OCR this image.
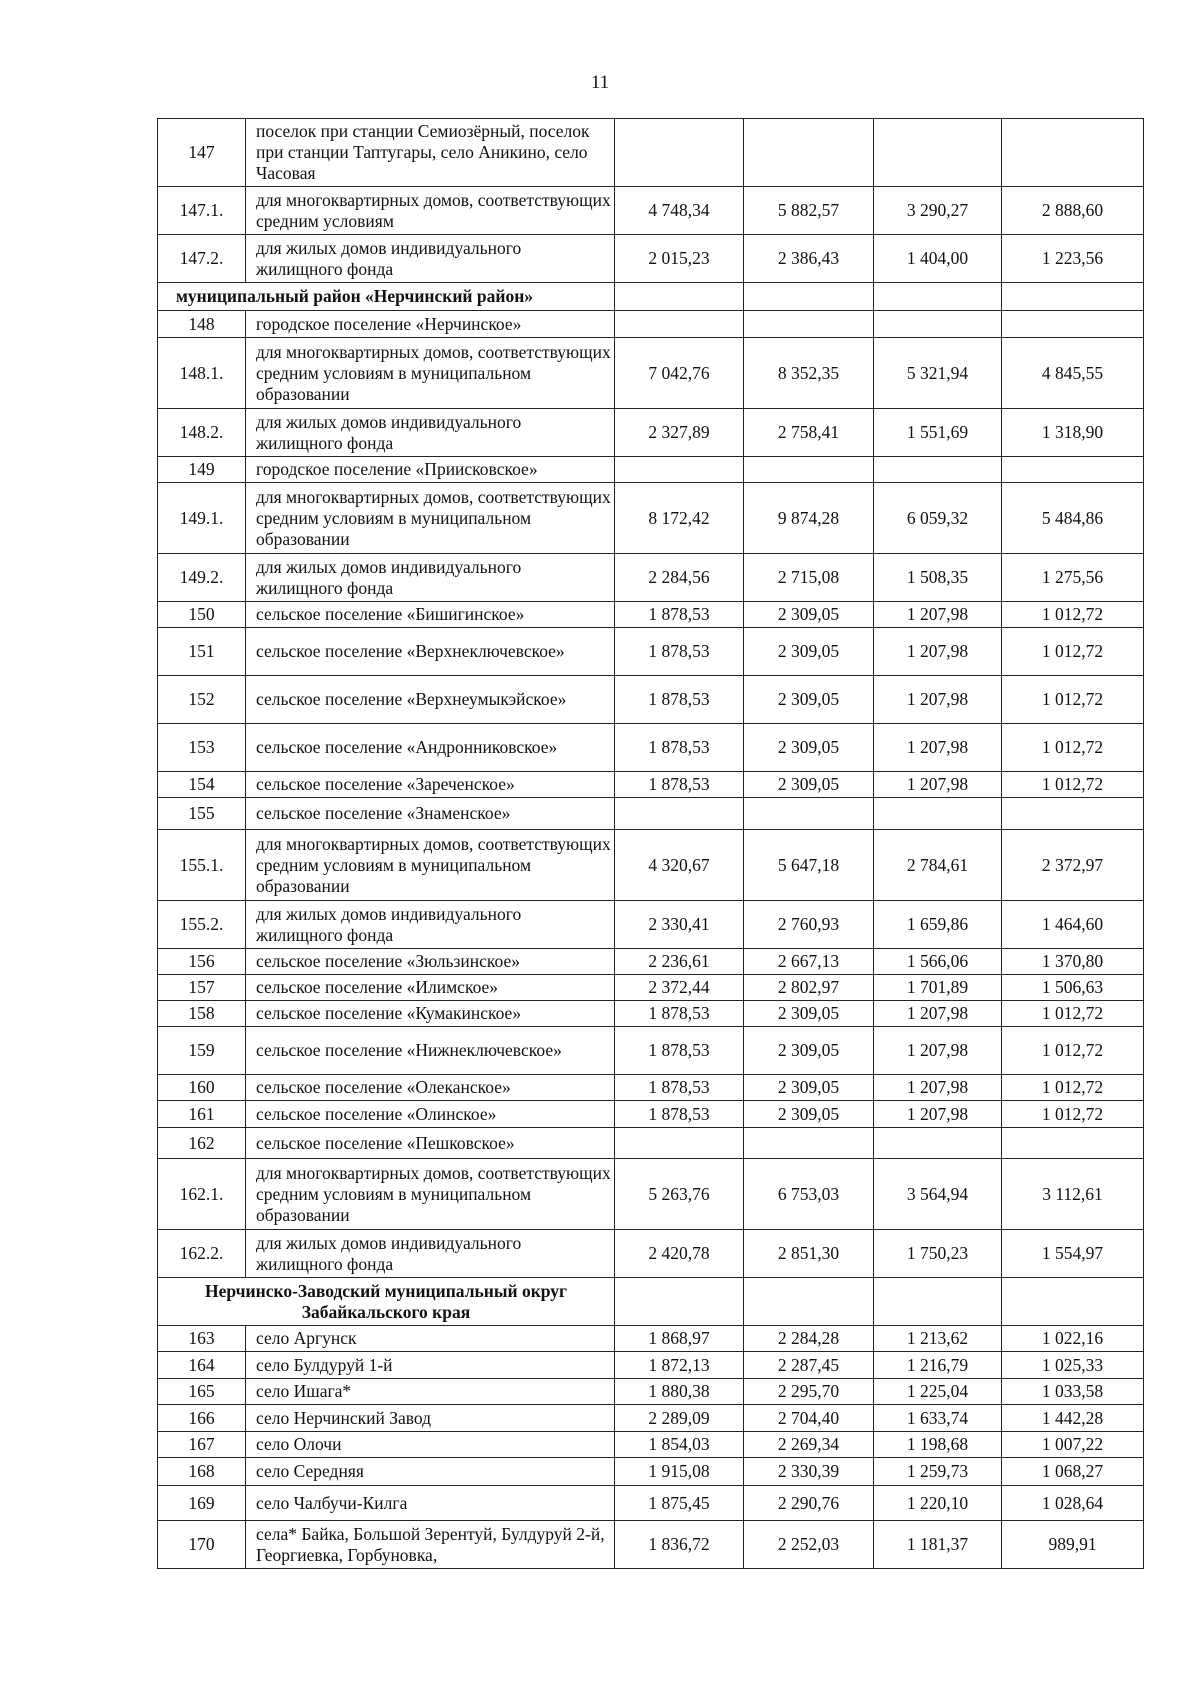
11
147	поселок при станции Семиозёрный, поселок при станции Таптугары, село Аникино, село Часовая				
147.1.	для многоквартирных домов, соответствующих средним условиям	4 748,34	5 882,57	3 290,27	2 888,60
147.2.	для жилых домов индивидуального жилищного фонда	2 015,23	2 386,43	1 404,00	1 223,56
муниципальный район «Нерчинский район»					
148	городское поселение «Нерчинское»				
148.1.	для многоквартирных домов, соответствующих средним условиям в муниципальном образовании	7 042,76	8 352,35	5 321,94	4 845,55
148.2.	для жилых домов индивидуального жилищного фонда	2 327,89	2 758,41	1 551,69	1 318,90
149	городское поселение «Приисковское»				
149.1.	для многоквартирных домов, соответствующих средним условиям в муниципальном образовании	8 172,42	9 874,28	6 059,32	5 484,86
149.2.	для жилых домов индивидуального жилищного фонда	2 284,56	2 715,08	1 508,35	1 275,56
150	сельское поселение «Бишигинское»	1 878,53	2 309,05	1 207,98	1 012,72
151	сельское поселение «Верхнеключевское»	1 878,53	2 309,05	1 207,98	1 012,72
152	сельское поселение «Верхнеумыкэйское»	1 878,53	2 309,05	1 207,98	1 012,72
153	сельское поселение «Андронниковское»	1 878,53	2 309,05	1 207,98	1 012,72
154	сельское поселение «Зареченское»	1 878,53	2 309,05	1 207,98	1 012,72
155	сельское поселение «Знаменское»				
155.1.	для многоквартирных домов, соответствующих средним условиям в муниципальном образовании	4 320,67	5 647,18	2 784,61	2 372,97
155.2.	для жилых домов индивидуального жилищного фонда	2 330,41	2 760,93	1 659,86	1 464,60
156	сельское поселение «Зюльзинское»	2 236,61	2 667,13	1 566,06	1 370,80
157	сельское поселение «Илимское»	2 372,44	2 802,97	1 701,89	1 506,63
158	сельское поселение «Кумакинское»	1 878,53	2 309,05	1 207,98	1 012,72
159	сельское поселение «Нижнеключевское»	1 878,53	2 309,05	1 207,98	1 012,72
160	сельское поселение «Олеканское»	1 878,53	2 309,05	1 207,98	1 012,72
161	сельское поселение «Олинское»	1 878,53	2 309,05	1 207,98	1 012,72
162	сельское поселение «Пешковское»				
162.1.	для многоквартирных домов, соответствующих средним условиям в муниципальном образовании	5 263,76	6 753,03	3 564,94	3 112,61
162.2.	для жилых домов индивидуального жилищного фонда	2 420,78	2 851,30	1 750,23	1 554,97
Нерчинско-Заводский муниципальный округ Забайкальского края					
163	село Аргунск	1 868,97	2 284,28	1 213,62	1 022,16
164	село Булдуруй 1-й	1 872,13	2 287,45	1 216,79	1 025,33
165	село Ишага*	1 880,38	2 295,70	1 225,04	1 033,58
166	село Нерчинский Завод	2 289,09	2 704,40	1 633,74	1 442,28
167	село Олочи	1 854,03	2 269,34	1 198,68	1 007,22
168	село Середняя	1 915,08	2 330,39	1 259,73	1 068,27
169	село Чалбучи-Килга	1 875,45	2 290,76	1 220,10	1 028,64
170	села* Байка, Большой Зерентуй, Булдуруй 2-й, Георгиевка, Горбуновка,	1 836,72	2 252,03	1 181,37	989,91
